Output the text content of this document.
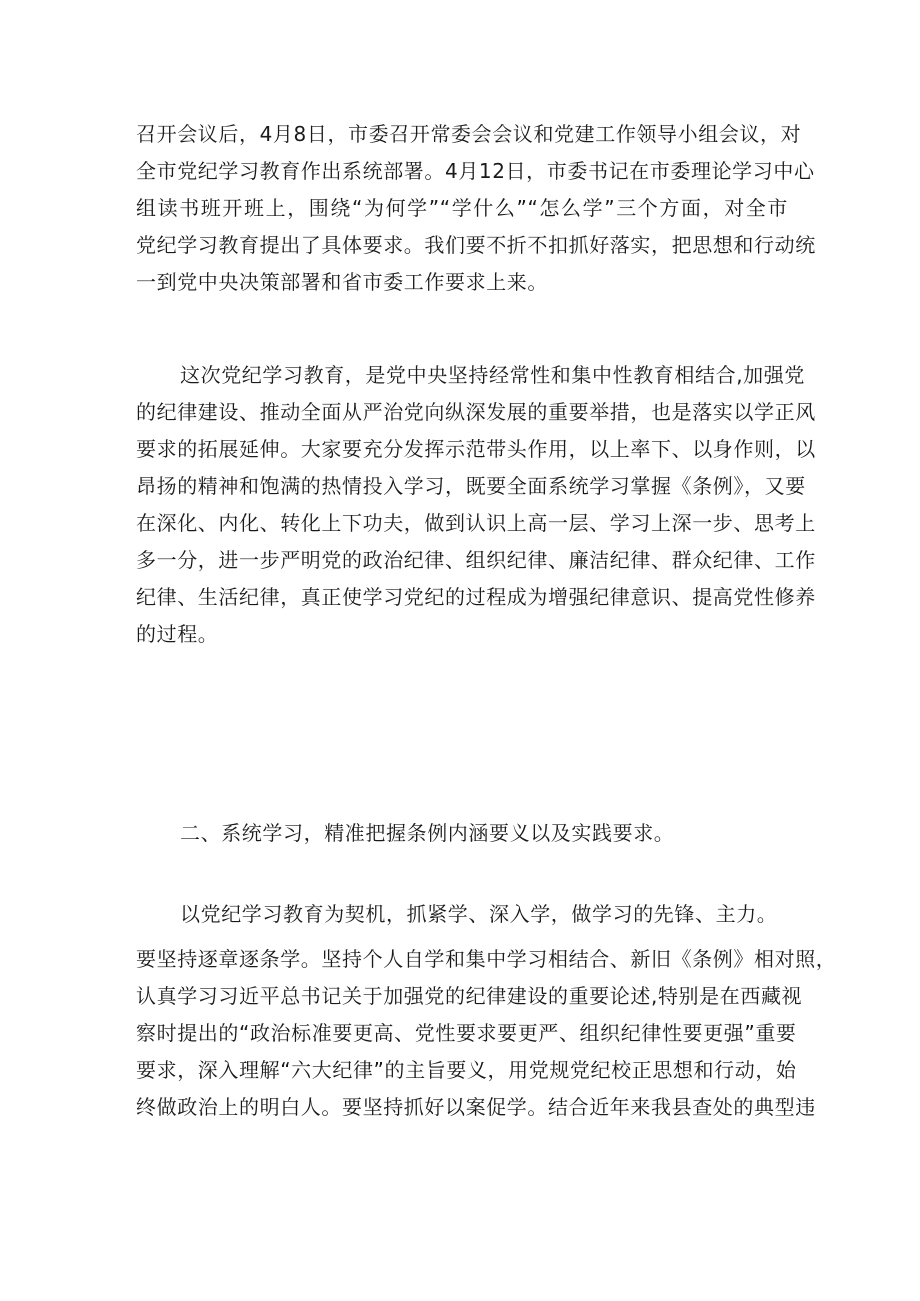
召开会议后，4月8日，市委召开常委会会议和党建工作领导小组会议，对
全市党纪学习教育作出系统部署。4月12日，市委书记在市委理论学习中心
组读书班开班上，围绕“为何学”“学什么”“怎么学”三个方面，对全市
党纪学习教育提出了具体要求。我们要不折不扣抓好落实，把思想和行动统
一到党中央决策部署和省市委工作要求上来。

这次党纪学习教育，是党中央坚持经常性和集中性教育相结合,加强党
的纪律建设、推动全面从严治党向纵深发展的重要举措，也是落实以学正风
要求的拓展延伸。大家要充分发挥示范带头作用，以上率下、以身作则，以
昂扬的精神和饱满的热情投入学习，既要全面系统学习掌握《条例》，又要
在深化、内化、转化上下功夫，做到认识上高一层、学习上深一步、思考上
多一分，进一步严明党的政治纪律、组织纪律、廉洁纪律、群众纪律、工作
纪律、生活纪律，真正使学习党纪的过程成为增强纪律意识、提高党性修养
的过程。

二、系统学习，精准把握条例内涵要义以及实践要求。

以党纪学习教育为契机，抓紧学、深入学，做学习的先锋、主力。

要坚持逐章逐条学。坚持个人自学和集中学习相结合、新旧《条例》相对照，
认真学习习近平总书记关于加强党的纪律建设的重要论述,特别是在西藏视
察时提出的“政治标准要更高、党性要求要更严、组织纪律性要更强”重要
要求，深入理解“六大纪律”的主旨要义，用党规党纪校正思想和行动，始
终做政治上的明白人。要坚持抓好以案促学。结合近年来我县查处的典型违
